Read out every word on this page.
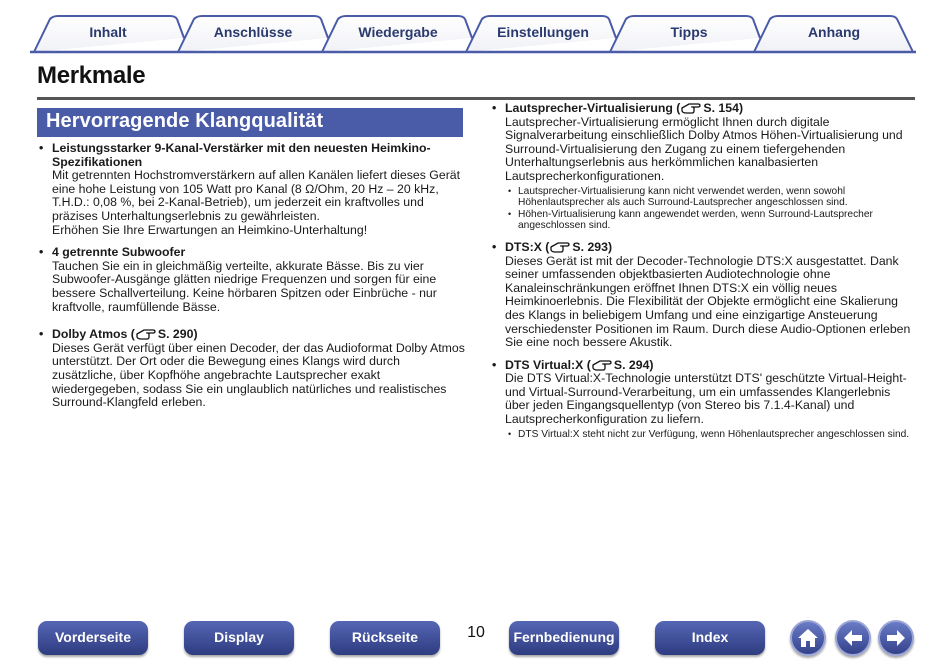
Inhalt	Anschlüsse	Wiedergabe	Einstellungen	Tipps	Anhang
Merkmale
Hervorragende Klangqualität
• Leistungsstarker 9-Kanal-Verstärker mit den neuesten Heimkino-Spezifikationen

Mit getrennten Hochstromverstärkern auf allen Kanälen liefert dieses Gerät eine hohe Leistung von 105 Watt pro Kanal (8 Ω/Ohm, 20 Hz – 20 kHz, T.H.D.: 0,08 %, bei 2-Kanal-Betrieb), um jederzeit ein kraftvolles und präzises Unterhaltungserlebnis zu gewährleisten.

Erhöhen Sie Ihre Erwartungen an Heimkino-Unterhaltung!

• 4 getrennte Subwoofer

Tauchen Sie ein in gleichmäßig verteilte, akkurate Bässe. Bis zu vier Subwoofer-Ausgänge glätten niedrige Frequenzen und sorgen für eine bessere Schallverteilung. Keine hörbaren Spitzen oder Einbrüche - nur kraftvolle, raumfüllende Bässe.

• Dolby Atmos ( S. 290)

Dieses Gerät verfügt über einen Decoder, der das Audioformat Dolby Atmos unterstützt. Der Ort oder die Bewegung eines Klangs wird durch zusätzliche, über Kopfhöhe angebrachte Lautsprecher exakt wiedergegeben, sodass Sie ein unglaublich natürliches und realistisches Surround-Klangfeld erleben.

• Lautsprecher-Virtualisierung ( S. 154)

Lautsprecher-Virtualisierung ermöglicht Ihnen durch digitale Signalverarbeitung einschließlich Dolby Atmos Höhen-Virtualisierung und Surround-Virtualisierung den Zugang zu einem tiefergehenden Unterhaltungserlebnis aus herkömmlichen kanalbasierten Lautsprecherkonfigurationen.

• Lautsprecher-Virtualisierung kann nicht verwendet werden, wenn sowohl Höhenlautsprecher als auch Surround-Lautsprecher angeschlossen sind.
• Höhen-Virtualisierung kann angewendet werden, wenn Surround-Lautsprecher angeschlossen sind.
• DTS:X ( S. 293)

Dieses Gerät ist mit der Decoder-Technologie DTS:X ausgestattet. Dank seiner umfassenden objektbasierten Audiotechnologie ohne Kanaleinschränkungen eröffnet Ihnen DTS:X ein völlig neues Heimkinoerlebnis. Die Flexibilität der Objekte ermöglicht eine Skalierung des Klangs in beliebigem Umfang und eine einzigartige Ansteuerung verschiedenster Positionen im Raum. Durch diese Audio-Optionen erleben Sie eine noch bessere Akustik.

• DTS Virtual:X ( S. 294)

Die DTS Virtual:X-Technologie unterstützt DTS' geschützte Virtual-Height- und Virtual-Surround-Verarbeitung, um ein umfassendes Klangerlebnis über jeden Eingangsquellentyp (von Stereo bis 7.1.4-Kanal) und Lautsprecherkonfiguration zu liefern.

• DTS Virtual:X steht nicht zur Verfügung, wenn Höhenlautsprecher angeschlossen sind.
Vorderseite	Display	Rückseite	10	Fernbedienung	Index
